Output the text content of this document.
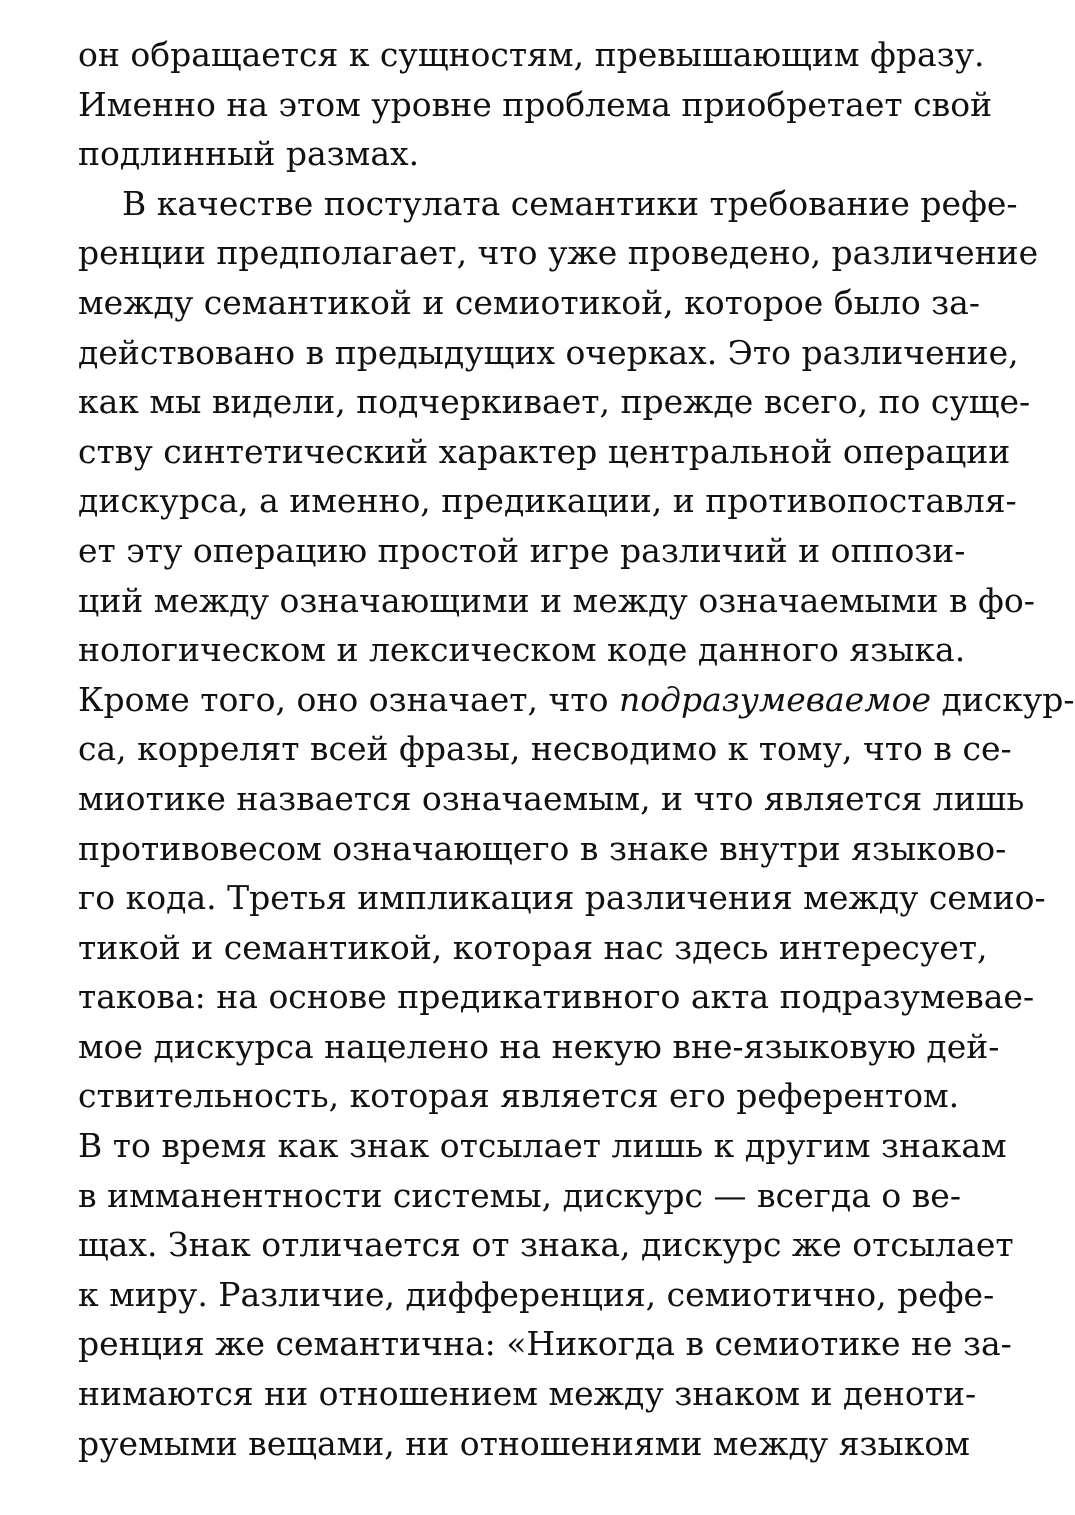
он обращается к сущностям, превышающим фразу.
Именно на этом уровне проблема приобретает свой
подлинный размах.
В качестве постулата семантики требование рефе-
ренции предполагает, что уже проведено, различение
между семантикой и семиотикой, которое было за-
действовано в предыдущих очерках. Это различение,
как мы видели, подчеркивает, прежде всего, по суще-
ству синтетический характер центральной операции
дискурса, а именно, предикации, и противопоставля-
ет эту операцию простой игре различий и оппози-
ций между означающими и между означаемыми в фо-
нологическом и лексическом коде данного языка.
Кроме того, оно означает, что подразумеваемое дискур-
са, коррелят всей фразы, несводимо к тому, что в се-
миотике назвается означаемым, и что является лишь
противовесом означающего в знаке внутри языково-
го кода. Третья импликация различения между семио-
тикой и семантикой, которая нас здесь интересует,
такова: на основе предикативного акта подразумевае-
мое дискурса нацелено на некую вне-языковую дей-
ствительность, которая является его референтом.
В то время как знак отсылает лишь к другим знакам
в имманентности системы, дискурс — всегда о ве-
щах. Знак отличается от знака, дискурс же отсылает
к миру. Различие, дифференция, семиотично, рефе-
ренция же семантична: «Никогда в семиотике не за-
нимаются ни отношением между знаком и деноти-
руемыми вещами, ни отношениями между языком
